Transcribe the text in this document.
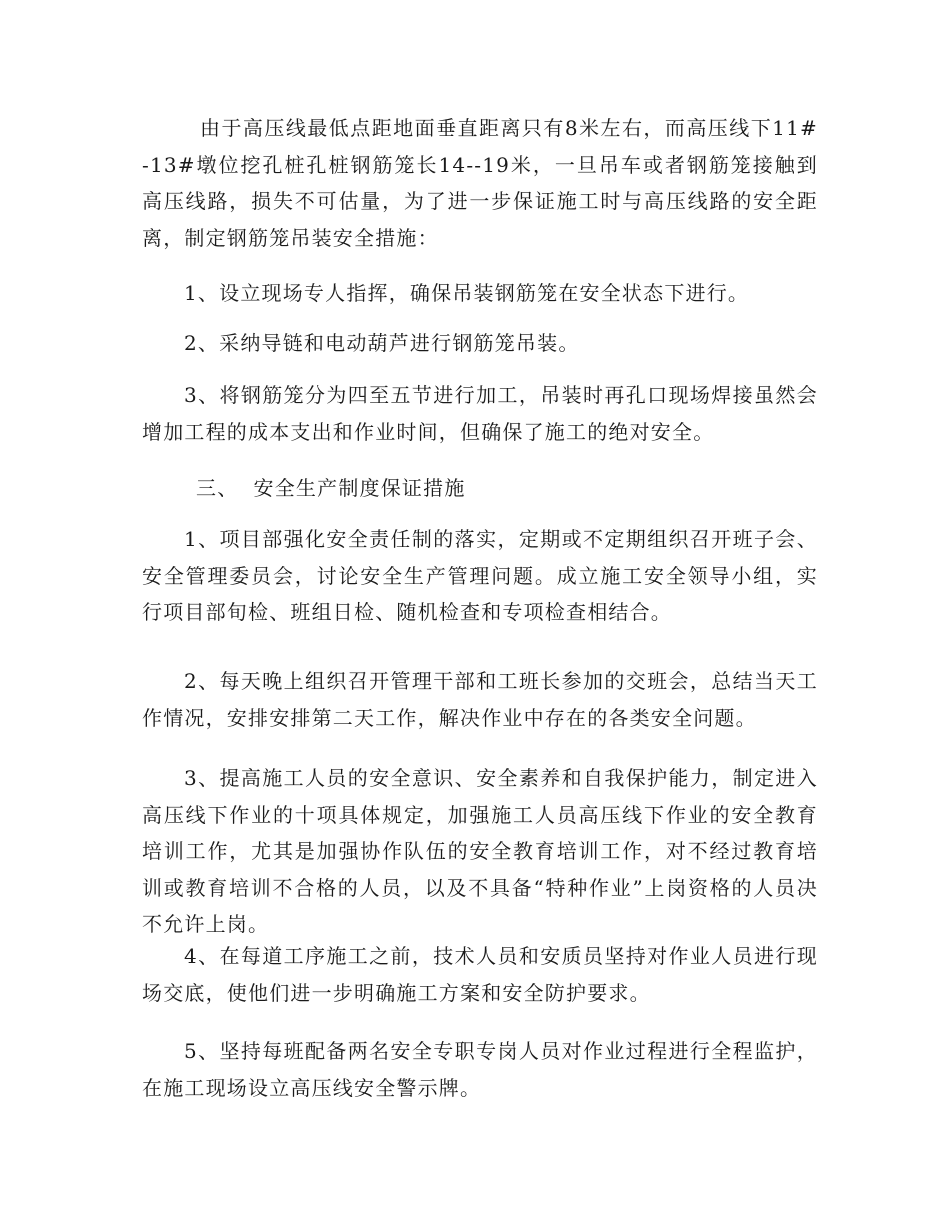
由于高压线最低点距地面垂直距离只有8米左右，而高压线下11#-13#墩位挖孔桩孔桩钢筋笼长14--19米，一旦吊车或者钢筋笼接触到高压线路，损失不可估量，为了进一步保证施工时与高压线路的安全距离，制定钢筋笼吊装安全措施：

1、设立现场专人指挥，确保吊装钢筋笼在安全状态下进行。

2、采纳导链和电动葫芦进行钢筋笼吊装。

3、将钢筋笼分为四至五节进行加工，吊装时再孔口现场焊接虽然会增加工程的成本支出和作业时间，但确保了施工的绝对安全。

三、  安全生产制度保证措施

1、项目部强化安全责任制的落实，定期或不定期组织召开班子会、安全管理委员会，讨论安全生产管理问题。成立施工安全领导小组，实行项目部旬检、班组日检、随机检查和专项检查相结合。

2、每天晚上组织召开管理干部和工班长参加的交班会，总结当天工作情况，安排安排第二天工作，解决作业中存在的各类安全问题。

3、提高施工人员的安全意识、安全素养和自我保护能力，制定进入高压线下作业的十项具体规定，加强施工人员高压线下作业的安全教育培训工作，尤其是加强协作队伍的安全教育培训工作，对不经过教育培训或教育培训不合格的人员，以及不具备“特种作业”上岗资格的人员决不允许上岗。

4、在每道工序施工之前，技术人员和安质员坚持对作业人员进行现场交底，使他们进一步明确施工方案和安全防护要求。

5、坚持每班配备两名安全专职专岗人员对作业过程进行全程监护，在施工现场设立高压线安全警示牌。
